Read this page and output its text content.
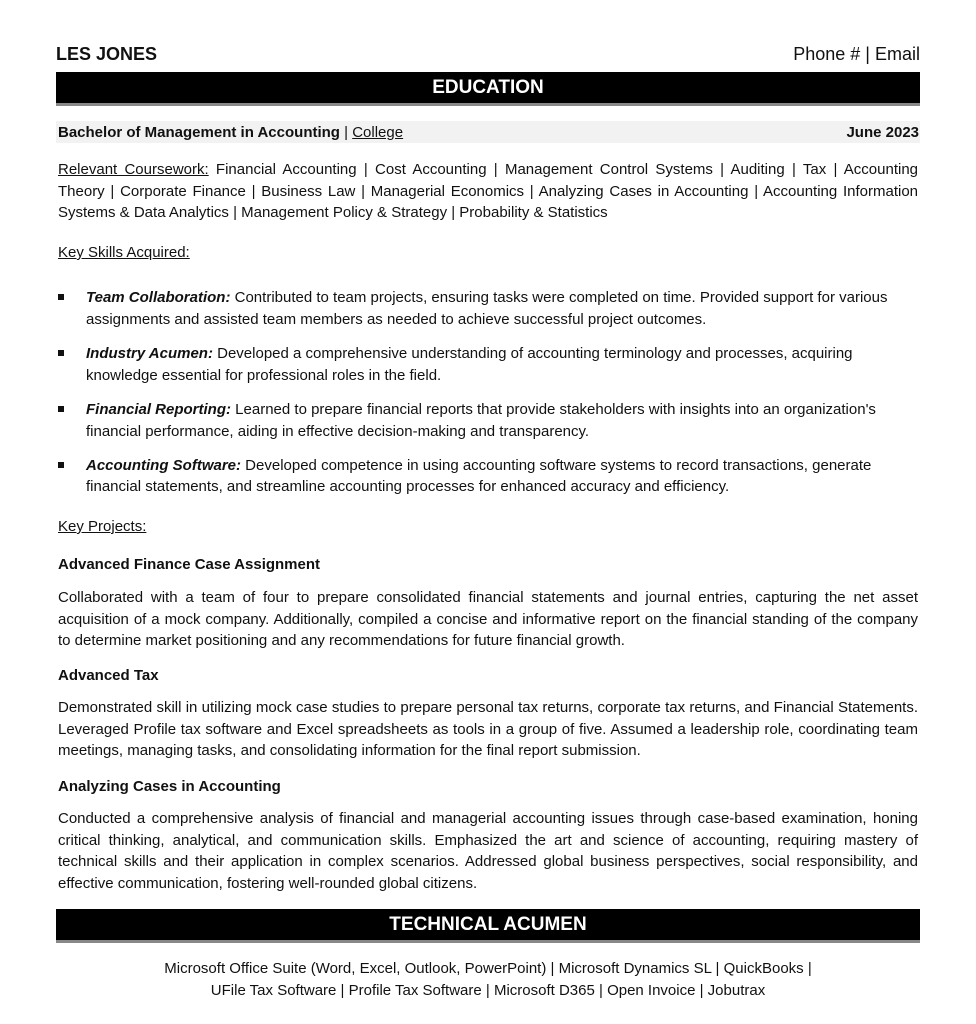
LES JONES	Phone # | Email
EDUCATION
Bachelor of Management in Accounting | College	June 2023
Relevant Coursework: Financial Accounting | Cost Accounting | Management Control Systems | Auditing | Tax | Accounting Theory | Corporate Finance | Business Law | Managerial Economics | Analyzing Cases in Accounting | Accounting Information Systems & Data Analytics | Management Policy & Strategy | Probability & Statistics
Key Skills Acquired:
Team Collaboration: Contributed to team projects, ensuring tasks were completed on time. Provided support for various assignments and assisted team members as needed to achieve successful project outcomes.
Industry Acumen: Developed a comprehensive understanding of accounting terminology and processes, acquiring knowledge essential for professional roles in the field.
Financial Reporting: Learned to prepare financial reports that provide stakeholders with insights into an organization's financial performance, aiding in effective decision-making and transparency.
Accounting Software: Developed competence in using accounting software systems to record transactions, generate financial statements, and streamline accounting processes for enhanced accuracy and efficiency.
Key Projects:
Advanced Finance Case Assignment
Collaborated with a team of four to prepare consolidated financial statements and journal entries, capturing the net asset acquisition of a mock company. Additionally, compiled a concise and informative report on the financial standing of the company to determine market positioning and any recommendations for future financial growth.
Advanced Tax
Demonstrated skill in utilizing mock case studies to prepare personal tax returns, corporate tax returns, and Financial Statements. Leveraged Profile tax software and Excel spreadsheets as tools in a group of five. Assumed a leadership role, coordinating team meetings, managing tasks, and consolidating information for the final report submission.
Analyzing Cases in Accounting
Conducted a comprehensive analysis of financial and managerial accounting issues through case-based examination, honing critical thinking, analytical, and communication skills. Emphasized the art and science of accounting, requiring mastery of technical skills and their application in complex scenarios. Addressed global business perspectives, social responsibility, and effective communication, fostering well-rounded global citizens.
TECHNICAL ACUMEN
Microsoft Office Suite (Word, Excel, Outlook, PowerPoint) | Microsoft Dynamics SL | QuickBooks |
UFile Tax Software | Profile Tax Software | Microsoft D365 | Open Invoice | Jobutrax
